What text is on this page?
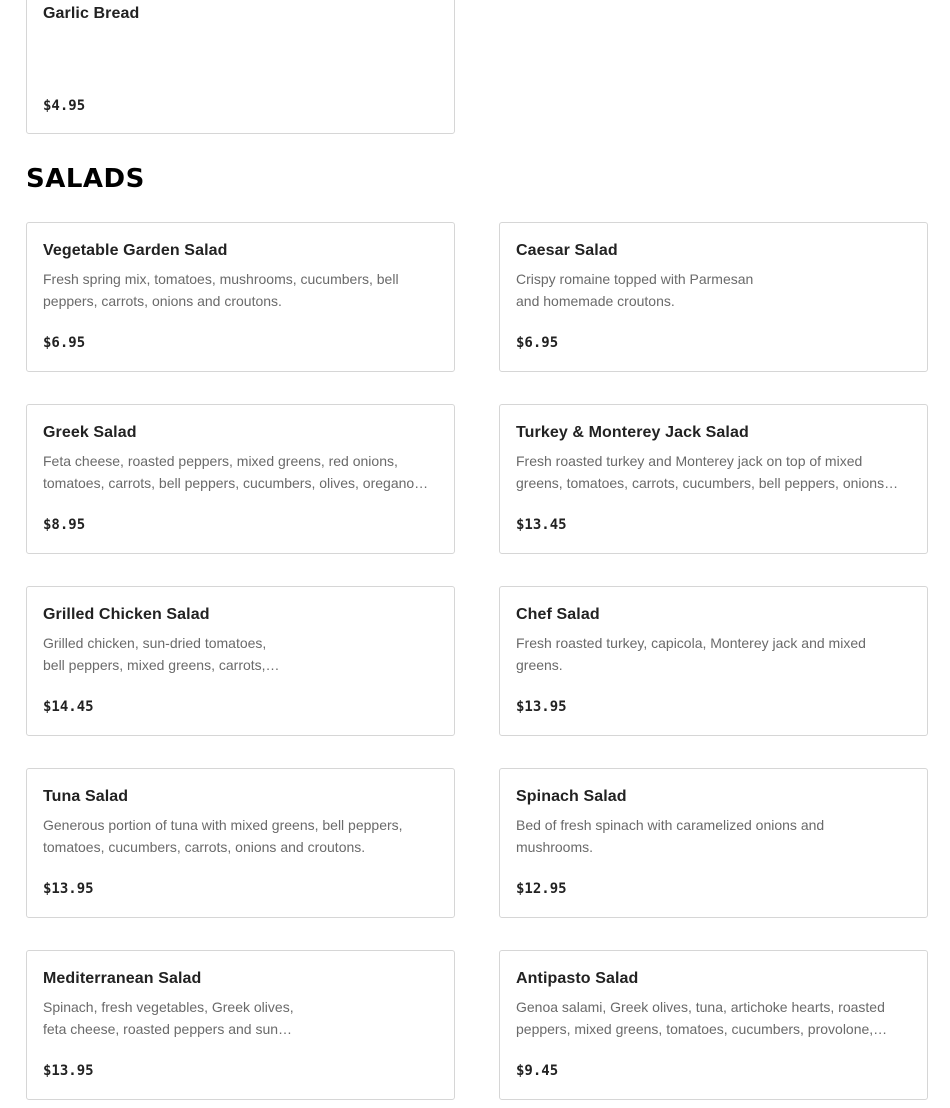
Garlic Bread
$4.95
SALADS
Vegetable Garden Salad
Fresh spring mix, tomatoes, mushrooms, cucumbers, bell peppers, carrots, onions and croutons.
$6.95
Caesar Salad
Crispy romaine topped with Parmesan and homemade croutons.
$6.95
Greek Salad
Feta cheese, roasted peppers, mixed greens, red onions, tomatoes, carrots, bell peppers, cucumbers, olives, oregano…
$8.95
Turkey & Monterey Jack Salad
Fresh roasted turkey and Monterey jack on top of mixed greens, tomatoes, carrots, cucumbers, bell peppers, onions…
$13.45
Grilled Chicken Salad
Grilled chicken, sun-dried tomatoes, bell peppers, mixed greens, carrots,…
$14.45
Chef Salad
Fresh roasted turkey, capicola, Monterey jack and mixed greens.
$13.95
Tuna Salad
Generous portion of tuna with mixed greens, bell peppers, tomatoes, cucumbers, carrots, onions and croutons.
$13.95
Spinach Salad
Bed of fresh spinach with caramelized onions and mushrooms.
$12.95
Mediterranean Salad
Spinach, fresh vegetables, Greek olives, feta cheese, roasted peppers and sun…
$13.95
Antipasto Salad
Genoa salami, Greek olives, tuna, artichoke hearts, roasted peppers, mixed greens, tomatoes, cucumbers, provolone,…
$9.45
